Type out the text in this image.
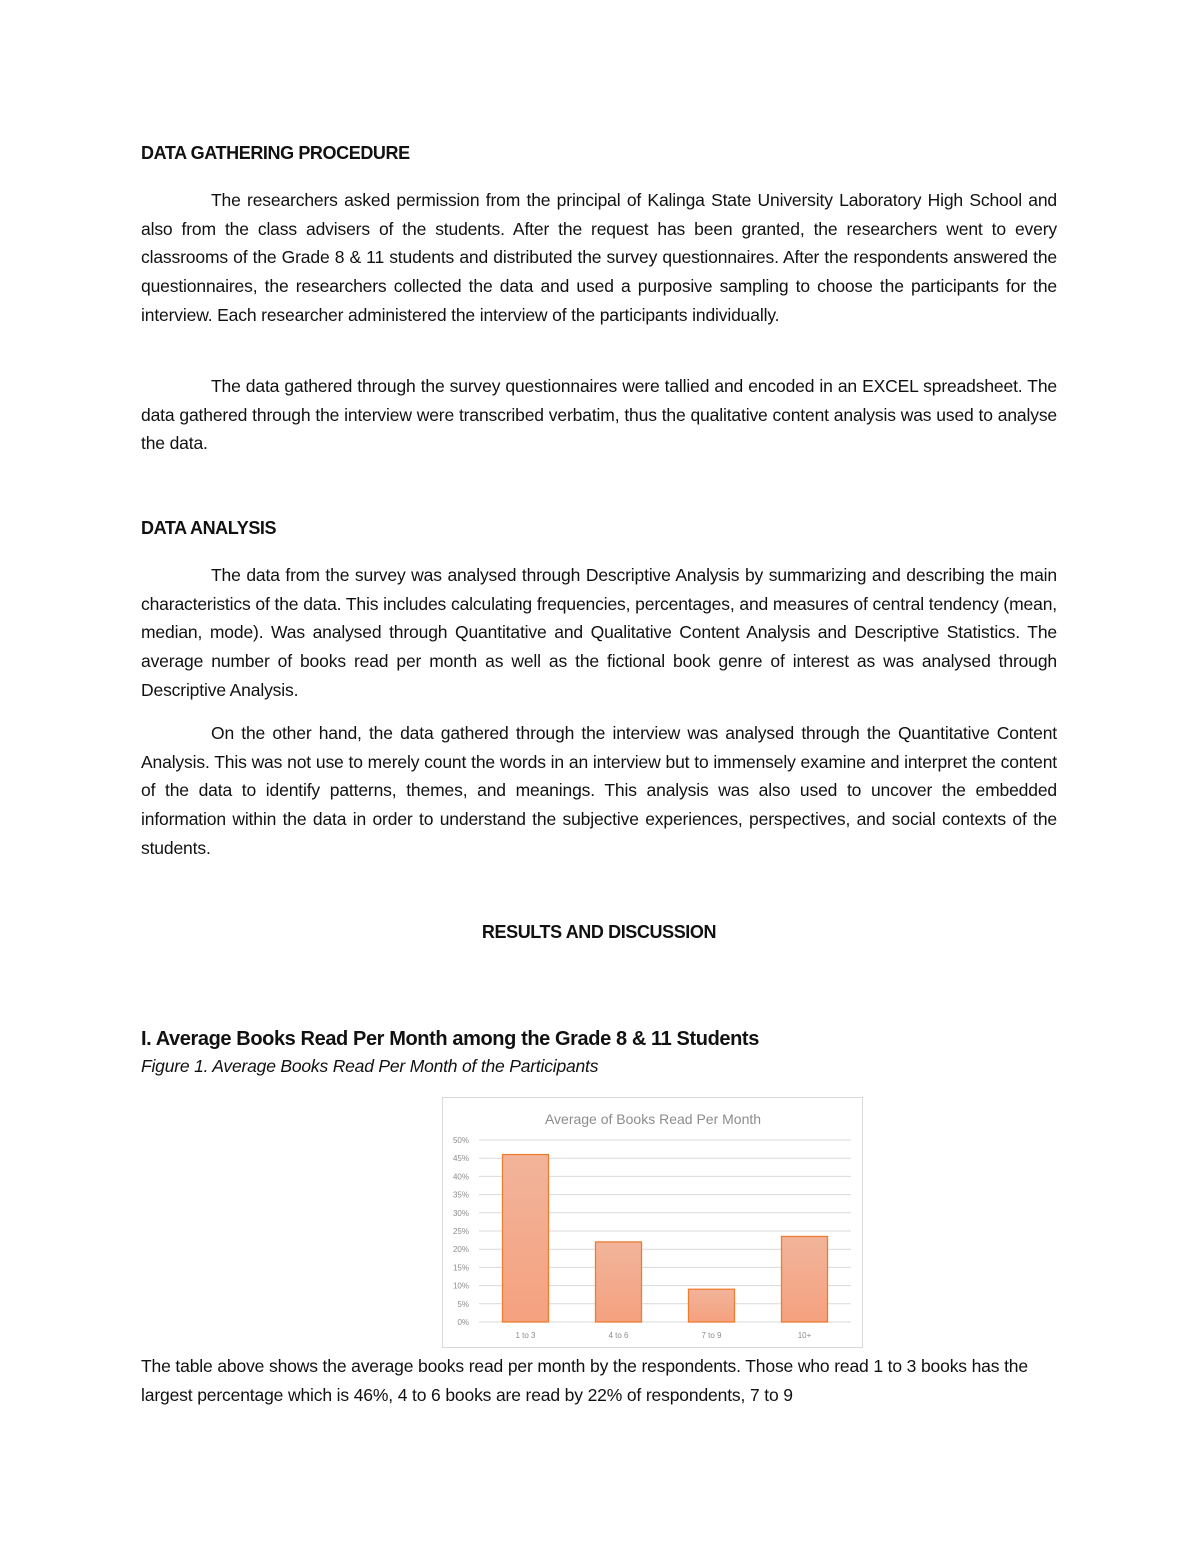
DATA GATHERING PROCEDURE

The researchers asked permission from the principal of Kalinga State University Laboratory High School and also from the class advisers of the students. After the request has been granted, the researchers went to every classrooms of the Grade 8 & 11 students and distributed the survey questionnaires. After the respondents answered the questionnaires, the researchers collected the data and used a purposive sampling to choose the participants for the interview. Each researcher administered the interview of the participants individually.

The data gathered through the survey questionnaires were tallied and encoded in an EXCEL spreadsheet. The data gathered through the interview were transcribed verbatim, thus the qualitative content analysis was used to analyse the data.

DATA ANALYSIS

The data from the survey was analysed through Descriptive Analysis by summarizing and describing the main characteristics of the data. This includes calculating frequencies, percentages, and measures of central tendency (mean, median, mode). Was analysed through Quantitative and Qualitative Content Analysis and Descriptive Statistics. The average number of books read per month as well as the fictional book genre of interest as was analysed through Descriptive Analysis.

On the other hand, the data gathered through the interview was analysed through the Quantitative Content Analysis. This was not use to merely count the words in an interview but to immensely examine and interpret the content of the data to identify patterns, themes, and meanings. This analysis was also used to uncover the embedded information within the data in order to understand the subjective experiences, perspectives, and social contexts of the students.

RESULTS AND DISCUSSION
I. Average Books Read Per Month among the Grade 8 & 11 Students
Figure 1. Average Books Read Per Month of the Participants

The table above shows the average books read per month by the respondents. Those who read 1 to 3 books has the largest percentage which is 46%, 4 to 6 books are read by 22% of respondents, 7 to 9

Average of Books Read Per Month
0%
5%
10%
15%
20%
25%
30%
35%
40%
45%
50%
1 to 3	4 to 6	7 to 9	10+
